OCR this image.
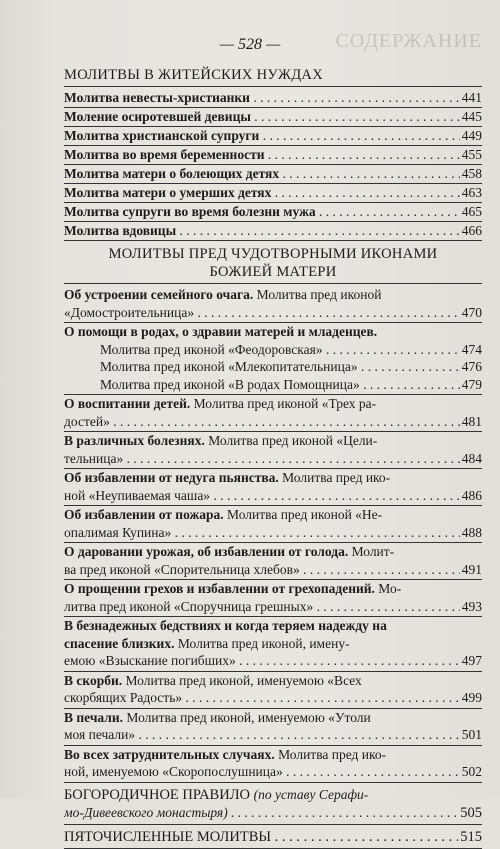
СОДЕРЖАНИЕ
— 528 —
МОЛИТВЫ В ЖИТЕЙСКИХ НУЖДАХ
Молитва невесты-христианки . . .	441
Моление осиротевшей девицы . . .	445
Молитва христианской супруги . . .	449
Молитва во время беременности . . .	455
Молитва матери о болеющих детях . . .	458
Молитва матери о умерших детях . . .	463
Молитва супруги во время болезни мужа . . .	465
Молитва вдовицы . . .	466
МОЛИТВЫ ПРЕД ЧУДОТВОРНЫМИ ИКОНАМИ
БОЖИЕЙ МАТЕРИ
Об устроении семейного очага. Молитва пред иконой
«Домостроительница» . . .	470
О помощи в родах, о здравии матерей и младенцев.
Молитва пред иконой «Феодоровская» . . .	474
Молитва пред иконой «Млекопитательница» . . .	476
Молитва пред иконой «В родах Помощница» . . .	479
О воспитании детей. Молитва пред иконой «Трех ра-
достей» . . .	481
В различных болезнях. Молитва пред иконой «Цели-
тельница» . . .	484
Об избавлении от недуга пьянства. Молитва пред ико-
ной «Неупиваемая чаша» . . .	486
Об избавлении от пожара. Молитва пред иконой «Не-
опалимая Купина» . . .	488
О даровании урожая, об избавлении от голода. Молит-
ва пред иконой «Спорительница хлебов» . . .	491
О прощении грехов и избавлении от грехопадений. Мо-
литва пред иконой «Споручница грешных» . . .	493
В безнадежных бедствиях и когда теряем надежду на
спасение близких. Молитва пред иконой, имену-
емою «Взыскание погибших» . . .	497
В скорби. Молитва пред иконой, именуемою «Всех
скорбящих Радость» . . .	499
В печали. Молитва пред иконой, именуемою «Утоли
моя печали» . . .	501
Во всех затруднительных случаях. Молитва пред ико-
ной, именуемою «Скоропослушница» . . .	502
БОГОРОДИЧНОЕ ПРАВИЛО (по уставу Серафи-
мо-Дивеевского монастыря) . . .	505
ПЯТОЧИСЛЕННЫЕ МОЛИТВЫ . . .	515
